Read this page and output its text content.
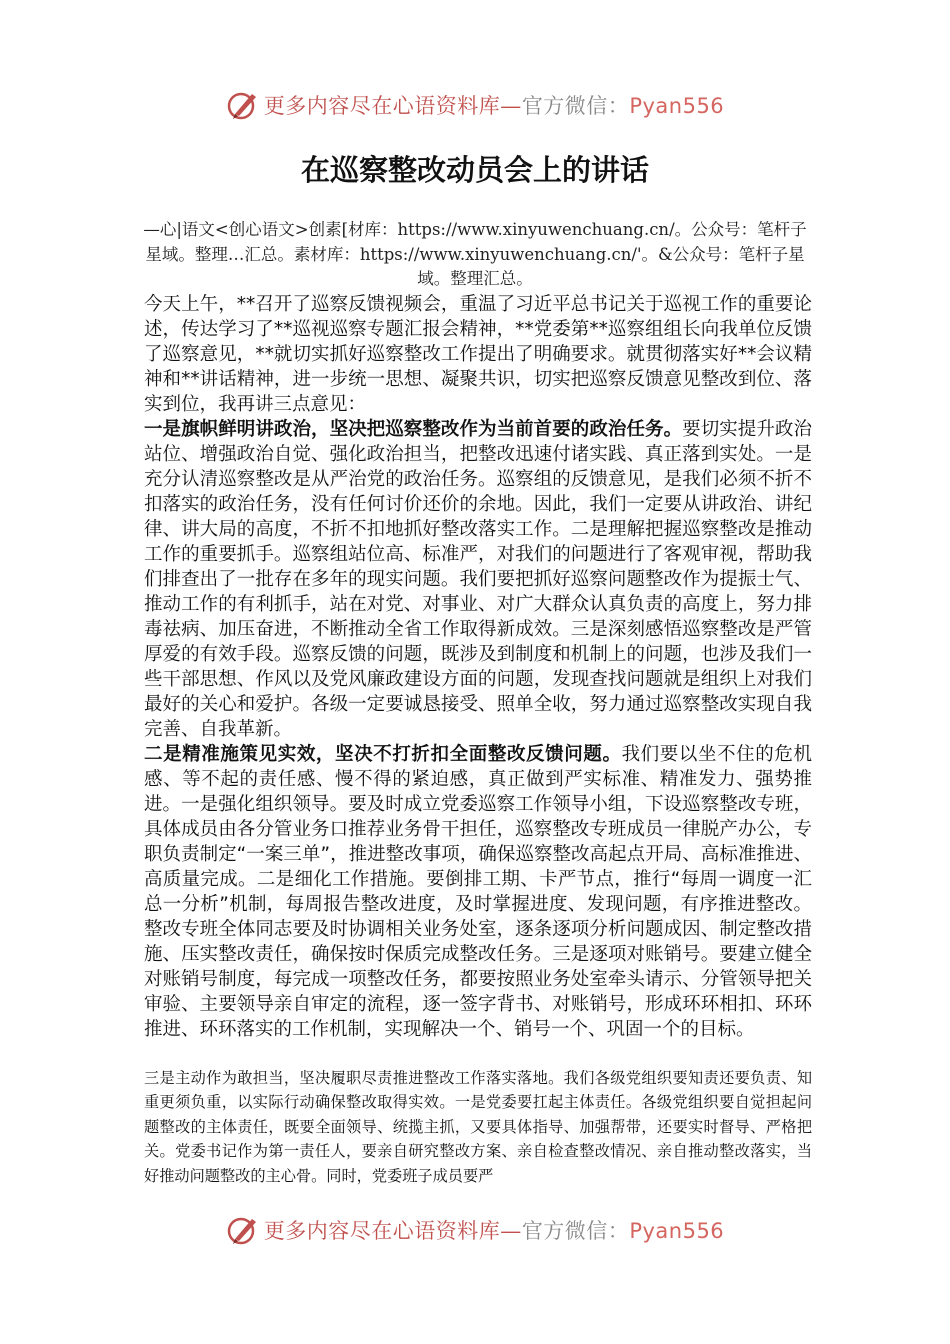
更多内容尽在心语资料库—官方微信：Pyan556
在巡察整改动员会上的讲话
—心|语文<创心语文>创素[材库：https://www.xinyuwenchuang.cn/。公众号：笔杆子星域。整理…汇总。素材库：https://www.xinyuwenchuang.cn/'。&公众号：笔杆子星域。整理汇总。

今天上午，**召开了巡察反馈视频会，重温了习近平总书记关于巡视工作的重要论述，传达学习了**巡视巡察专题汇报会精神，**党委第**巡察组组长向我单位反馈了巡察意见，**就切实抓好巡察整改工作提出了明确要求。就贯彻落实好**会议精神和**讲话精神，进一步统一思想、凝聚共识，切实把巡察反馈意见整改到位、落实到位，我再讲三点意见：

一是旗帜鲜明讲政治，坚决把巡察整改作为当前首要的政治任务。要切实提升政治站位、增强政治自觉、强化政治担当，把整改迅速付诸实践、真正落到实处。一是充分认清巡察整改是从严治党的政治任务。巡察组的反馈意见，是我们必须不折不扣落实的政治任务，没有任何讨价还价的余地。因此，我们一定要从讲政治、讲纪律、讲大局的高度，不折不扣地抓好整改落实工作。二是理解把握巡察整改是推动工作的重要抓手。巡察组站位高、标准严，对我们的问题进行了客观审视，帮助我们排查出了一批存在多年的现实问题。我们要把抓好巡察问题整改作为提振士气、推动工作的有利抓手，站在对党、对事业、对广大群众认真负责的高度上，努力排毒祛病、加压奋进，不断推动全省工作取得新成效。三是深刻感悟巡察整改是严管厚爱的有效手段。巡察反馈的问题，既涉及到制度和机制上的问题，也涉及我们一些干部思想、作风以及党风廉政建设方面的问题，发现查找问题就是组织上对我们最好的关心和爱护。各级一定要诚恳接受、照单全收，努力通过巡察整改实现自我完善、自我革新。

二是精准施策见实效，坚决不打折扣全面整改反馈问题。我们要以坐不住的危机感、等不起的责任感、慢不得的紧迫感，真正做到严实标准、精准发力、强势推进。一是强化组织领导。要及时成立党委巡察工作领导小组，下设巡察整改专班，具体成员由各分管业务口推荐业务骨干担任，巡察整改专班成员一律脱产办公，专职负责制定“一案三单”，推进整改事项，确保巡察整改高起点开局、高标准推进、高质量完成。二是细化工作措施。要倒排工期、卡严节点，推行“每周一调度一汇总一分析”机制，每周报告整改进度，及时掌握进度、发现问题，有序推进整改。整改专班全体同志要及时协调相关业务处室，逐条逐项分析问题成因、制定整改措施、压实整改责任，确保按时保质完成整改任务。三是逐项对账销号。要建立健全对账销号制度，每完成一项整改任务，都要按照业务处室牵头请示、分管领导把关审验、主要领导亲自审定的流程，逐一签字背书、对账销号，形成环环相扣、环环推进、环环落实的工作机制，实现解决一个、销号一个、巩固一个的目标。

三是主动作为敢担当，坚决履职尽责推进整改工作落实落地。我们各级党组织要知责还要负责、知重更须负重，以实际行动确保整改取得实效。一是党委要扛起主体责任。各级党组织要自觉担起问题整改的主体责任，既要全面领导、统揽主抓，又要具体指导、加强帮带，还要实时督导、严格把关。党委书记作为第一责任人，要亲自研究整改方案、亲自检查整改情况、亲自推动整改落实，当好推动问题整改的主心骨。同时，党委班子成员要严

更多内容尽在心语资料库—官方微信：Pyan556
